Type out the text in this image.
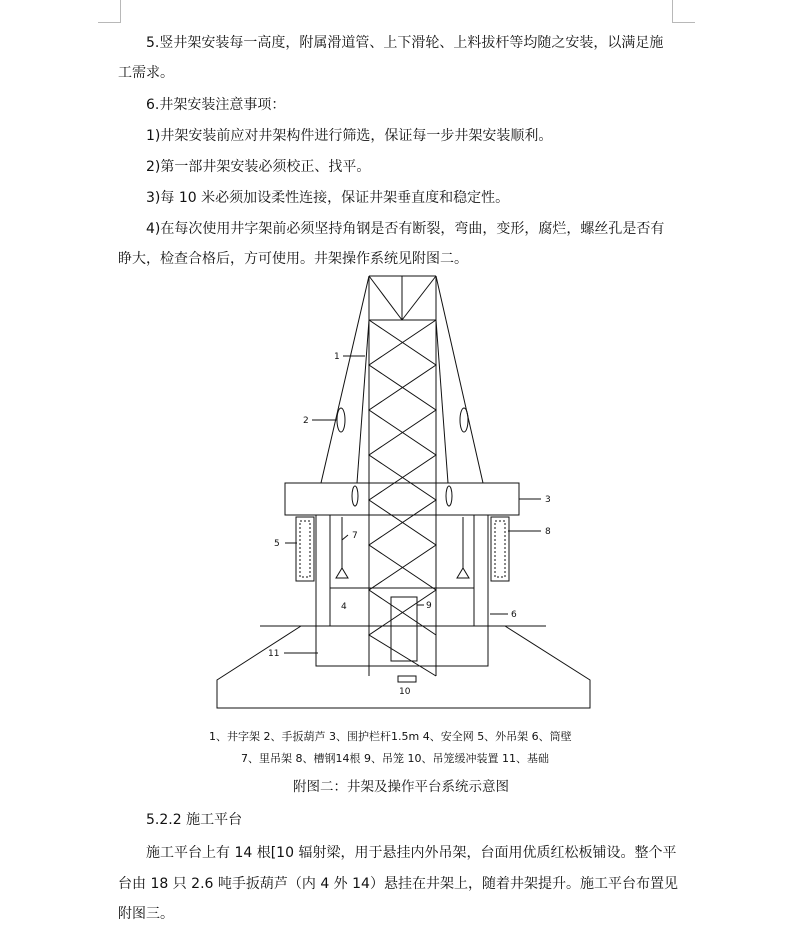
5.竖井架安装每一高度，附属滑道管、上下滑轮、上料拔杆等均随之安装，以满足施
工需求。
6.井架安装注意事项：
1)井架安装前应对井架构件进行筛选，保证每一步井架安装顺利。
2)第一部井架安装必须校正、找平。
3)每 10 米必须加设柔性连接，保证井架垂直度和稳定性。
4)在每次使用井字架前必须坚持角钢是否有断裂，弯曲，变形，腐烂，螺丝孔是否有
睁大，检查合格后，方可使用。井架操作系统见附图二。
1
2
3
4
5
6
7	8
9
10
11
1、井字架 2、手扳葫芦 3、围护栏杆1.5m 4、安全网 5、外吊架 6、筒壁
7、里吊架 8、槽钢14根 9、吊笼 10、吊笼缓冲装置 11、基础
附图二：井架及操作平台系统示意图
5.2.2 施工平台
施工平台上有 14 根[10 辐射梁，用于悬挂内外吊架，台面用优质红松板铺设。整个平
台由 18 只 2.6 吨手扳葫芦（内 4 外 14）悬挂在井架上，随着井架提升。施工平台布置见
附图三。
